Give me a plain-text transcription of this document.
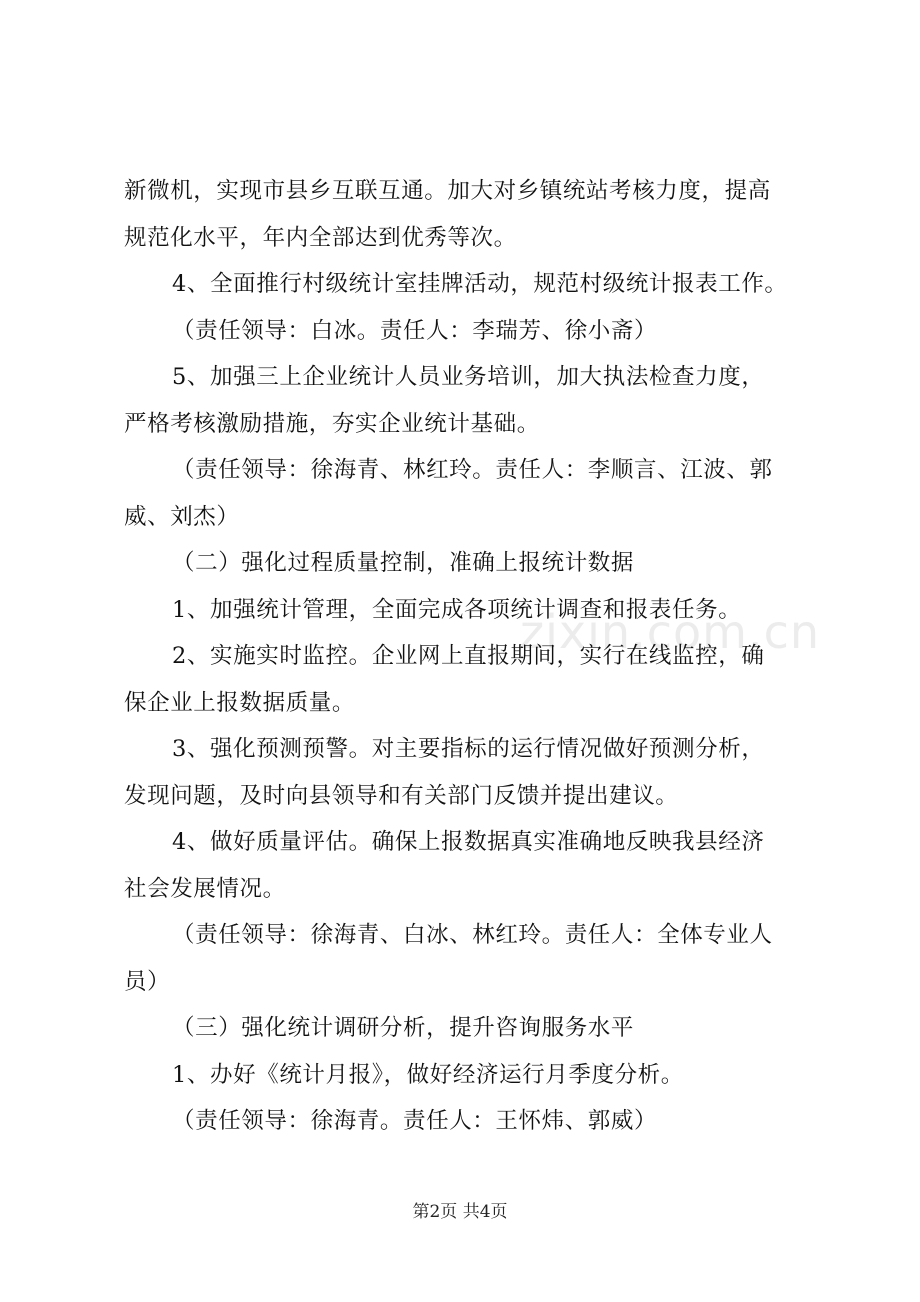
zixin.com.cn

新微机，实现市县乡互联互通。加大对乡镇统站考核力度，提高

规范化水平，年内全部达到优秀等次。

4、全面推行村级统计室挂牌活动，规范村级统计报表工作。

（责任领导：白冰。责任人：李瑞芳、徐小斋）

5、加强三上企业统计人员业务培训，加大执法检查力度，

严格考核激励措施，夯实企业统计基础。

（责任领导：徐海青、林红玲。责任人：李顺言、江波、郭

威、刘杰）

（二）强化过程质量控制，准确上报统计数据

1、加强统计管理，全面完成各项统计调查和报表任务。

2、实施实时监控。企业网上直报期间，实行在线监控，确

保企业上报数据质量。

3、强化预测预警。对主要指标的运行情况做好预测分析，

发现问题，及时向县领导和有关部门反馈并提出建议。

4、做好质量评估。确保上报数据真实准确地反映我县经济

社会发展情况。

（责任领导：徐海青、白冰、林红玲。责任人：全体专业人

员）

（三）强化统计调研分析，提升咨询服务水平

1、办好《统计月报》，做好经济运行月季度分析。

（责任领导：徐海青。责任人：王怀炜、郭威）

第2页 共4页
